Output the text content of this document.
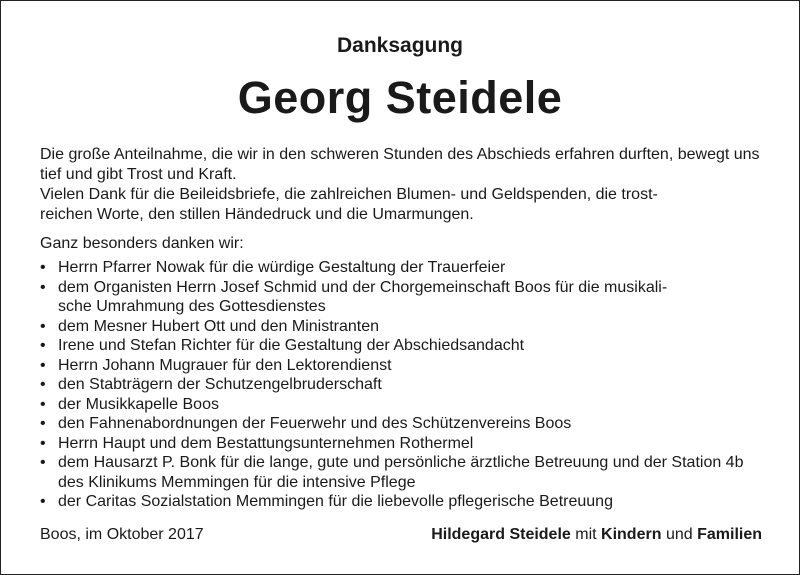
Danksagung
Georg Steidele

Die große Anteilnahme, die wir in den schweren Stunden des Abschieds erfahren durften, bewegt uns tief und gibt Trost und Kraft.

Vielen Dank für die Beileidsbriefe, die zahlreichen Blumen- und Geldspenden, die trost-
reichen Worte, den stillen Händedruck und die Umarmungen.

Ganz besonders danken wir:
• Herrn Pfarrer Nowak für die würdige Gestaltung der Trauerfeier
• dem Organisten Herrn Josef Schmid und der Chorgemeinschaft Boos für die musikali-
sche Umrahmung des Gottesdienstes
• dem Mesner Hubert Ott und den Ministranten
• Irene und Stefan Richter für die Gestaltung der Abschiedsandacht
• Herrn Johann Mugrauer für den Lektorendienst
• den Stabträgern der Schutzengelbruderschaft
• der Musikkapelle Boos
• den Fahnenabordnungen der Feuerwehr und des Schützenvereins Boos
• Herrn Haupt und dem Bestattungsunternehmen Rothermel
• dem Hausarzt P. Bonk für die lange, gute und persönliche ärztliche Betreuung und der Station 4b des Klinikums Memmingen für die intensive Pflege
• der Caritas Sozialstation Memmingen für die liebevolle pflegerische Betreuung
Boos, im Oktober 2017	Hildegard Steidele mit Kindern und Familien
